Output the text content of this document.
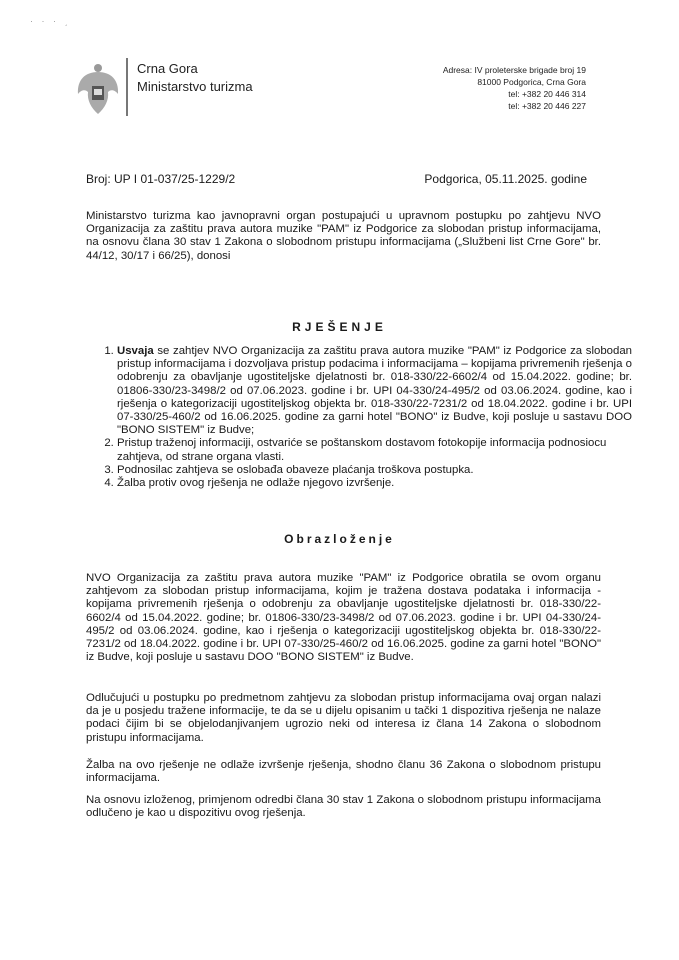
· · · ˏ
Crna Gora
Ministarstvo turizma
Adresa: IV proleterske brigade broj 19
81000 Podgorica, Crna Gora
tel: +382 20 446 314
tel: +382 20 446 227
Broj: UP I 01-037/25-1229/2	Podgorica, 05.11.2025. godine

Ministarstvo turizma kao javnopravni organ postupajući u upravnom postupku po zahtjevu NVO Organizacija za zaštitu prava autora muzike "PAM" iz Podgorice za slobodan pristup informacijama, na osnovu člana 30 stav 1 Zakona o slobodnom pristupu informacijama („Službeni list Crne Gore" br. 44/12, 30/17 i 66/25), donosi

RJEŠENJE
1. Usvaja se zahtjev NVO Organizacija za zaštitu prava autora muzike "PAM" iz Podgorice za slobodan pristup informacijama i dozvoljava pristup podacima i informacijama – kopijama privremenih rješenja o odobrenju za obavljanje ugostiteljske djelatnosti br. 018-330/22-6602/4 od 15.04.2022. godine; br. 01806-330/23-3498/2 od 07.06.2023. godine i br. UPI 04-330/24-495/2 od 03.06.2024. godine, kao i rješenja o kategorizaciji ugostiteljskog objekta br. 018-330/22-7231/2 od 18.04.2022. godine i br. UPI 07-330/25-460/2 od 16.06.2025. godine za garni hotel "BONO" iz Budve, koji posluje u sastavu DOO "BONO SISTEM" iz Budve;
2. Pristup traženoj informaciji, ostvariće se poštanskom dostavom fotokopije informacija podnosiocu zahtjeva, od strane organa vlasti.
3. Podnosilac zahtjeva se oslobađa obaveze plaćanja troškova postupka.
4. Žalba protiv ovog rješenja ne odlaže njegovo izvršenje.
Obrazloženje

NVO Organizacija za zaštitu prava autora muzike "PAM" iz Podgorice obratila se ovom organu zahtjevom za slobodan pristup informacijama, kojim je tražena dostava podataka i informacija - kopijama privremenih rješenja o odobrenju za obavljanje ugostiteljske djelatnosti br. 018-330/22-6602/4 od 15.04.2022. godine; br. 01806-330/23-3498/2 od 07.06.2023. godine i br. UPI 04-330/24-495/2 od 03.06.2024. godine, kao i rješenja o kategorizaciji ugostiteljskog objekta br. 018-330/22-7231/2 od 18.04.2022. godine i br. UPI 07-330/25-460/2 od 16.06.2025. godine za garni hotel "BONO" iz Budve, koji posluje u sastavu DOO "BONO SISTEM" iz Budve.

Odlučujući u postupku po predmetnom zahtjevu za slobodan pristup informacijama ovaj organ nalazi da je u posjedu tražene informacije, te da se u dijelu opisanim u tački 1 dispozitiva rješenja ne nalaze podaci čijim bi se objelodanjivanjem ugrozio neki od interesa iz člana 14 Zakona o slobodnom pristupu informacijama.

Žalba na ovo rješenje ne odlaže izvršenje rješenja, shodno članu 36 Zakona o slobodnom pristupu informacijama.

Na osnovu izloženog, primjenom odredbi člana 30 stav 1 Zakona o slobodnom pristupu informacijama odlučeno je kao u dispozitivu ovog rješenja.
